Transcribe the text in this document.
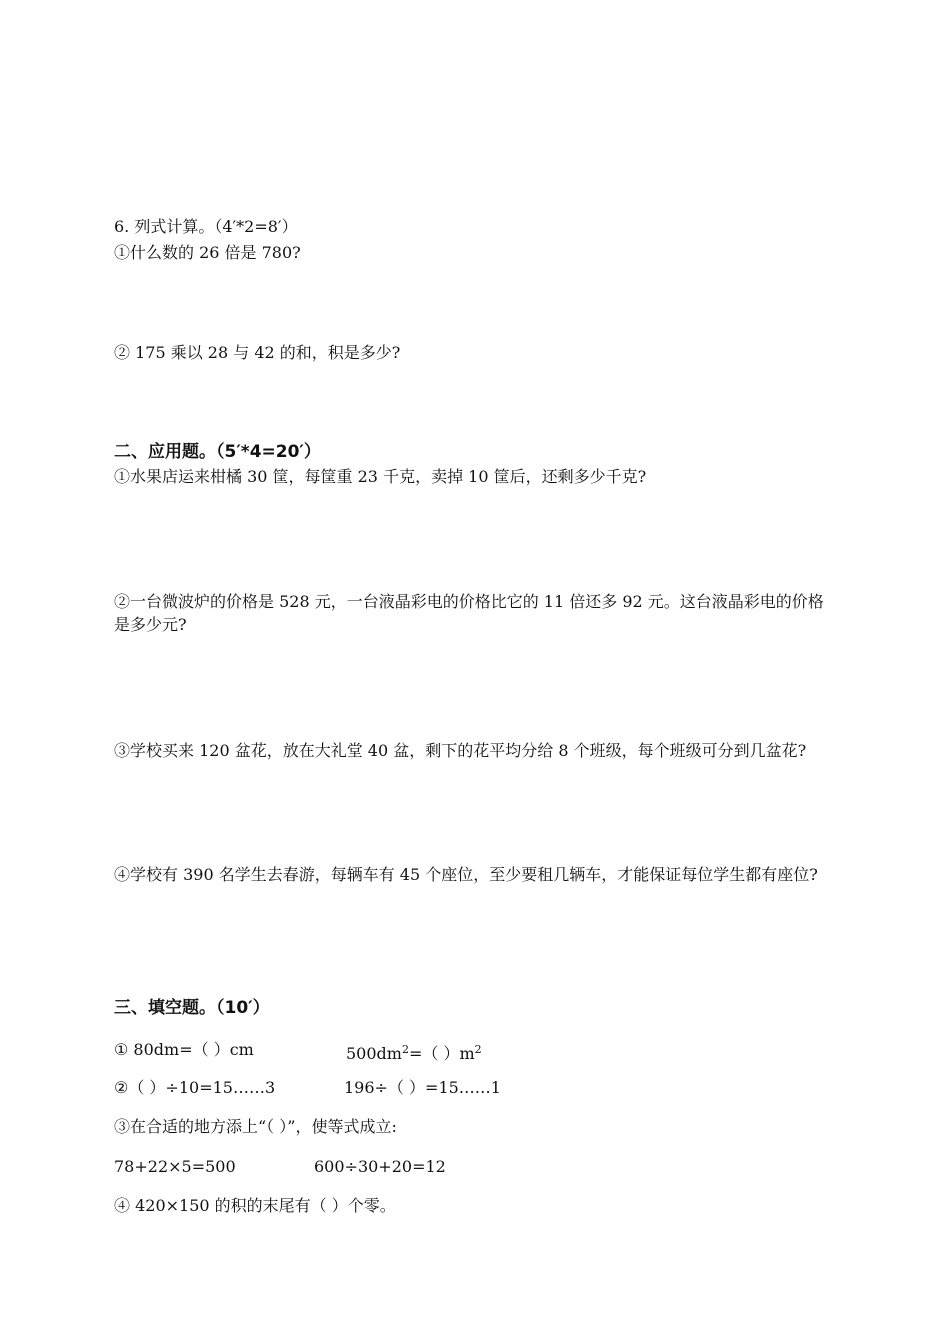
6. 列式计算。（4′*2=8′）
①什么数的 26 倍是 780?
② 175 乘以 28 与 42 的和，积是多少?
二、应用题。（5′*4=20′）
①水果店运来柑橘 30 筐，每筐重 23 千克，卖掉 10 筐后，还剩多少千克?
②一台微波炉的价格是 528 元，一台液晶彩电的价格比它的 11 倍还多 92 元。这台液晶彩电的价格是多少元?
③学校买来 120 盆花，放在大礼堂 40 盆，剩下的花平均分给 8 个班级，每个班级可分到几盆花?
④学校有 390 名学生去春游，每辆车有 45 个座位，至少要租几辆车，才能保证每位学生都有座位?
三、填空题。（10′）
① 80dm=（ ）cm	$500dm^2=$（ ）$m^2$
②（ ）÷10=15……3	196÷（ ）=15……1
③在合适的地方添上“（ ）”，使等式成立:
78+22×5=500	600÷30+20=12
④ 420×150 的积的末尾有（ ）个零。
